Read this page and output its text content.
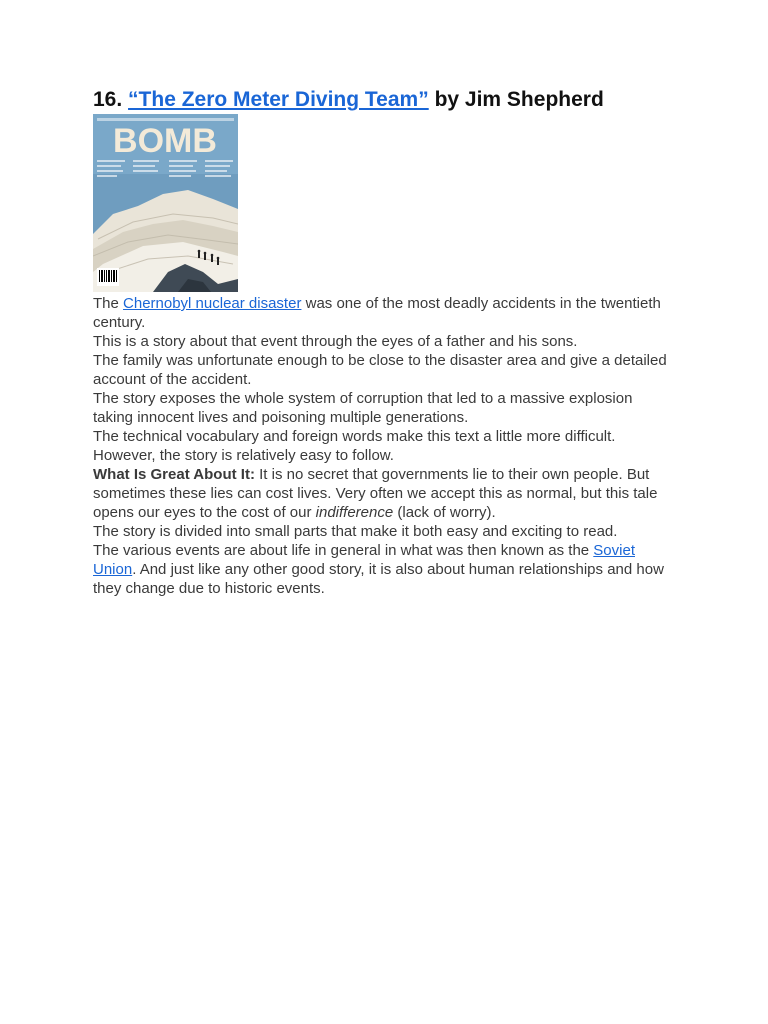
16. “The Zero Meter Diving Team” by Jim Shepherd
BOMB

The Chernobyl nuclear disaster was one of the most deadly accidents in the twentieth century.

This is a story about that event through the eyes of a father and his sons.

The family was unfortunate enough to be close to the disaster area and give a detailed account of the accident.

The story exposes the whole system of corruption that led to a massive explosion taking innocent lives and poisoning multiple generations.

The technical vocabulary and foreign words make this text a little more difficult. However, the story is relatively easy to follow.

What Is Great About It: It is no secret that governments lie to their own people. But sometimes these lies can cost lives. Very often we accept this as normal, but this tale opens our eyes to the cost of our indifference (lack of worry).

The story is divided into small parts that make it both easy and exciting to read.

The various events are about life in general in what was then known as the Soviet Union. And just like any other good story, it is also about human relationships and how they change due to historic events.
